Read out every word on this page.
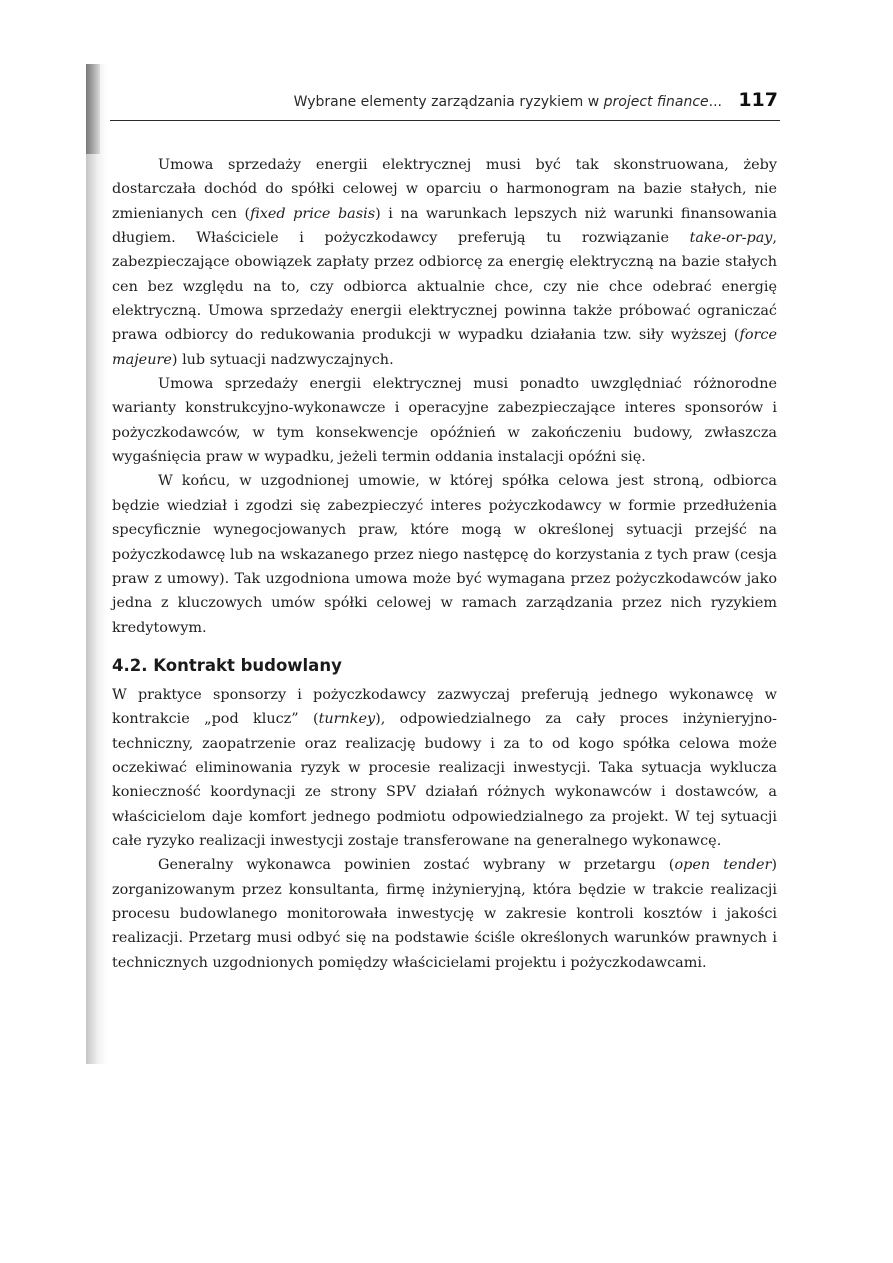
Wybrane elementy zarządzania ryzykiem w project finance... 117

Umowa sprzedaży energii elektrycznej musi być tak skonstruowana, żeby dostarczała dochód do spółki celowej w oparciu o harmonogram na bazie stałych, nie zmienianych cen (fixed price basis) i na warunkach lepszych niż warunki finansowania długiem. Właściciele i pożyczkodawcy preferują tu rozwiązanie take-or-pay, zabezpieczające obowiązek zapłaty przez odbiorcę za energię elektryczną na bazie stałych cen bez względu na to, czy odbiorca aktualnie chce, czy nie chce odebrać energię elektryczną. Umowa sprzedaży energii elektrycznej powinna także próbować ograniczać prawa odbiorcy do redukowania produkcji w wypadku działania tzw. siły wyższej (force majeure) lub sytuacji nadzwyczajnych.

Umowa sprzedaży energii elektrycznej musi ponadto uwzględniać różnorodne warianty konstrukcyjno-wykonawcze i operacyjne zabezpieczające interes sponsorów i pożyczkodawców, w tym konsekwencje opóźnień w zakończeniu budowy, zwłaszcza wygaśnięcia praw w wypadku, jeżeli termin oddania instalacji opóźni się.

W końcu, w uzgodnionej umowie, w której spółka celowa jest stroną, odbiorca będzie wiedział i zgodzi się zabezpieczyć interes pożyczkodawcy w formie przedłużenia specyficznie wynegocjowanych praw, które mogą w określonej sytuacji przejść na pożyczkodawcę lub na wskazanego przez niego następcę do korzystania z tych praw (cesja praw z umowy). Tak uzgodniona umowa może być wymagana przez pożyczkodawców jako jedna z kluczowych umów spółki celowej w ramach zarządzania przez nich ryzykiem kredytowym.

4.2. Kontrakt budowlany

W praktyce sponsorzy i pożyczkodawcy zazwyczaj preferują jednego wykonawcę w kontrakcie „pod klucz” (turnkey), odpowiedzialnego za cały proces inżynieryjno-techniczny, zaopatrzenie oraz realizację budowy i za to od kogo spółka celowa może oczekiwać eliminowania ryzyk w procesie realizacji inwestycji. Taka sytuacja wyklucza konieczność koordynacji ze strony SPV działań różnych wykonawców i dostawców, a właścicielom daje komfort jednego podmiotu odpowiedzialnego za projekt. W tej sytuacji całe ryzyko realizacji inwestycji zostaje transferowane na generalnego wykonawcę.

Generalny wykonawca powinien zostać wybrany w przetargu (open tender) zorganizowanym przez konsultanta, firmę inżynieryjną, która będzie w trakcie realizacji procesu budowlanego monitorowała inwestycję w zakresie kontroli kosztów i jakości realizacji. Przetarg musi odbyć się na podstawie ściśle określonych warunków prawnych i technicznych uzgodnionych pomiędzy właścicielami projektu i pożyczkodawcami.
